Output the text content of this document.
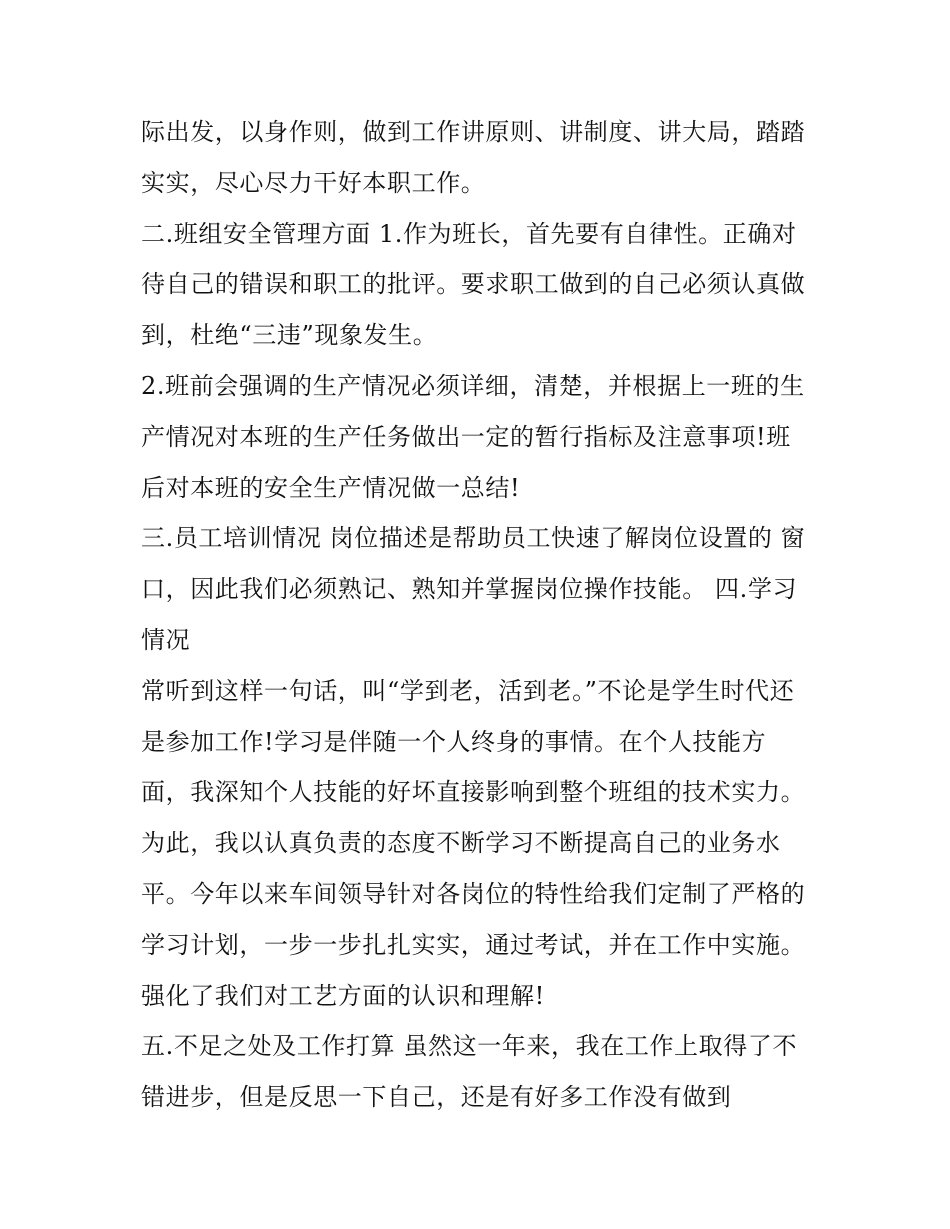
际出发，以身作则，做到工作讲原则、讲制度、讲大局，踏踏
实实，尽心尽力干好本职工作。
二.班组安全管理方面 1.作为班长，首先要有自律性。正确对
待自己的错误和职工的批评。要求职工做到的自己必须认真做
到，杜绝“三违”现象发生。
2.班前会强调的生产情况必须详细，清楚，并根据上一班的生
产情况对本班的生产任务做出一定的暂行指标及注意事项!班
后对本班的安全生产情况做一总结!
三.员工培训情况 岗位描述是帮助员工快速了解岗位设置的 窗
口，因此我们必须熟记、熟知并掌握岗位操作技能。 四.学习
情况
常听到这样一句话，叫“学到老，活到老。”不论是学生时代还
是参加工作!学习是伴随一个人终身的事情。在个人技能方
面，我深知个人技能的好坏直接影响到整个班组的技术实力。
为此，我以认真负责的态度不断学习不断提高自己的业务水
平。今年以来车间领导针对各岗位的特性给我们定制了严格的
学习计划，一步一步扎扎实实，通过考试，并在工作中实施。
强化了我们对工艺方面的认识和理解!
五.不足之处及工作打算 虽然这一年来，我在工作上取得了不
错进步，但是反思一下自己，还是有好多工作没有做到
